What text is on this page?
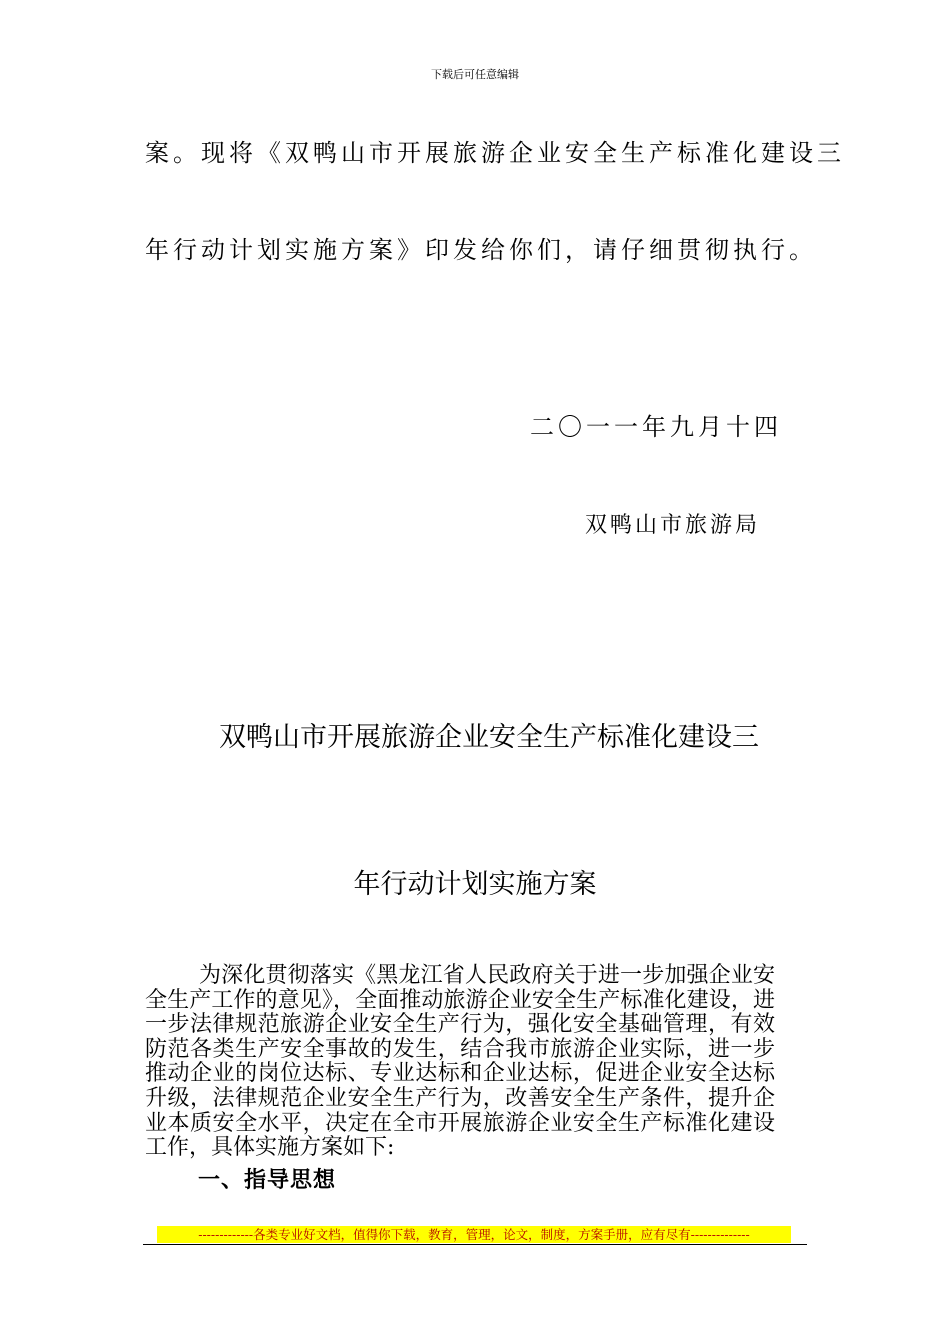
下载后可任意编辑
案。现将《双鸭山市开展旅游企业安全生产标准化建设三
年行动计划实施方案》印发给你们，请仔细贯彻执行。
二〇一一年九月十四
双鸭山市旅游局
双鸭山市开展旅游企业安全生产标准化建设三
年行动计划实施方案
为深化贯彻落实《黑龙江省人民政府关于进一步加强企业安全生产工作的意见》，全面推动旅游企业安全生产标准化建设，进一步法律规范旅游企业安全生产行为，强化安全基础管理，有效防范各类生产安全事故的发生，结合我市旅游企业实际，进一步推动企业的岗位达标、专业达标和企业达标，促进企业安全达标升级，法律规范企业安全生产行为，改善安全生产条件，提升企业本质安全水平，决定在全市开展旅游企业安全生产标准化建设工作，具体实施方案如下:
一、指导思想
-------------各类专业好文档，值得你下载，教育，管理，论文，制度，方案手册，应有尽有--------------
